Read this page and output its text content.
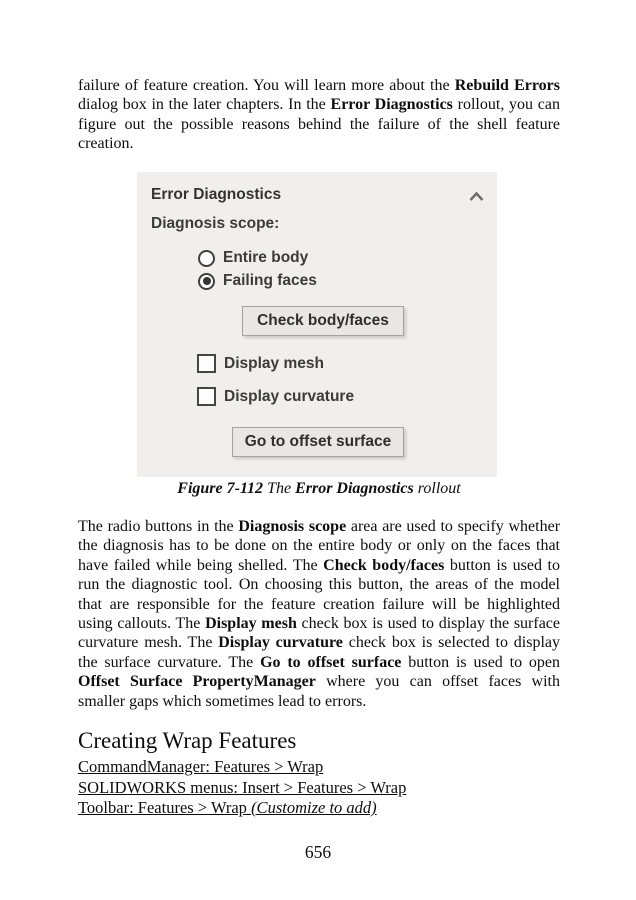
failure of feature creation. You will learn more about the Rebuild Errors dialog box in the later chapters. In the Error Diagnostics rollout, you can figure out the possible reasons behind the failure of the shell feature creation.

Error Diagnostics
Diagnosis scope:
Entire body
Failing faces
Check body/faces
Display mesh
Display curvature
Go to offset surface
Figure 7-112 The Error Diagnostics rollout

The radio buttons in the Diagnosis scope area are used to specify whether the diagnosis has to be done on the entire body or only on the faces that have failed while being shelled. The Check body/faces button is used to run the diagnostic tool. On choosing this button, the areas of the model that are responsible for the feature creation failure will be highlighted using callouts. The Display mesh check box is used to display the surface curvature mesh. The Display curvature check box is selected to display the surface curvature. The Go to offset surface button is used to open Offset Surface PropertyManager where you can offset faces with smaller gaps which sometimes lead to errors.

Creating Wrap Features
CommandManager: Features > Wrap
SOLIDWORKS menus: Insert > Features > Wrap
Toolbar: Features > Wrap (Customize to add)
656
